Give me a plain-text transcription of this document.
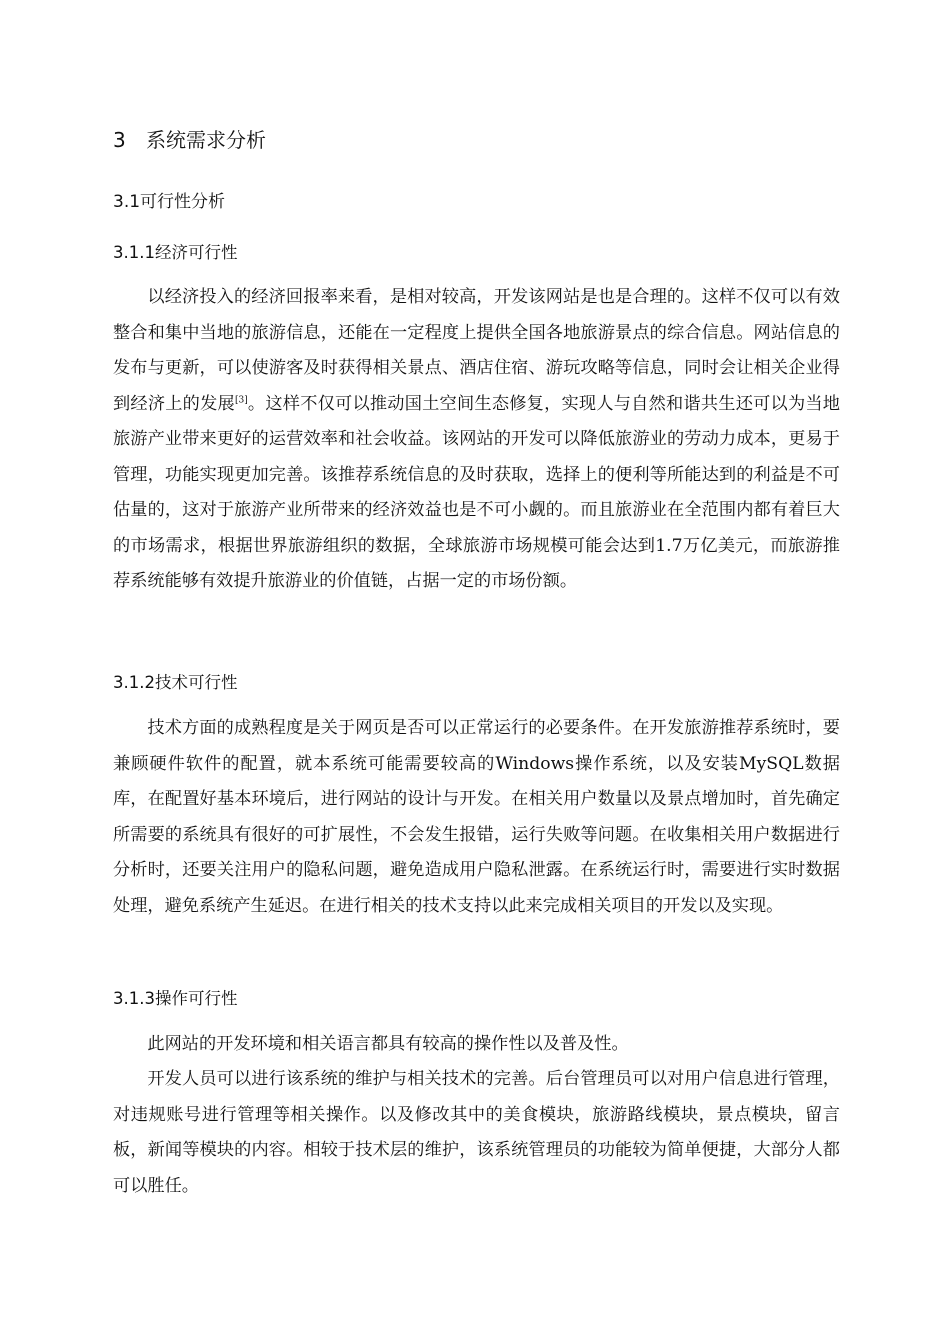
3 系统需求分析
3.1可行性分析
3.1.1经济可行性

以经济投入的经济回报率来看，是相对较高，开发该网站是也是合理的。这样不仅可以有效整合和集中当地的旅游信息，还能在一定程度上提供全国各地旅游景点的综合信息。网站信息的发布与更新，可以使游客及时获得相关景点、酒店住宿、游玩攻略等信息，同时会让相关企业得到经济上的发展[3]。这样不仅可以推动国土空间生态修复，实现人与自然和谐共生还可以为当地旅游产业带来更好的运营效率和社会收益。该网站的开发可以降低旅游业的劳动力成本，更易于管理，功能实现更加完善。该推荐系统信息的及时获取，选择上的便利等所能达到的利益是不可估量的，这对于旅游产业所带来的经济效益也是不可小觑的。而且旅游业在全范围内都有着巨大的市场需求，根据世界旅游组织的数据，全球旅游市场规模可能会达到1.7万亿美元，而旅游推荐系统能够有效提升旅游业的价值链，占据一定的市场份额。

3.1.2技术可行性

技术方面的成熟程度是关于网页是否可以正常运行的必要条件。在开发旅游推荐系统时，要兼顾硬件软件的配置，就本系统可能需要较高的Windows操作系统，以及安装MySQL数据库，在配置好基本环境后，进行网站的设计与开发。在相关用户数量以及景点增加时，首先确定所需要的系统具有很好的可扩展性，不会发生报错，运行失败等问题。在收集相关用户数据进行分析时，还要关注用户的隐私问题，避免造成用户隐私泄露。在系统运行时，需要进行实时数据处理，避免系统产生延迟。在进行相关的技术支持以此来完成相关项目的开发以及实现。

3.1.3操作可行性

此网站的开发环境和相关语言都具有较高的操作性以及普及性。

开发人员可以进行该系统的维护与相关技术的完善。后台管理员可以对用户信息进行管理，对违规账号进行管理等相关操作。以及修改其中的美食模块，旅游路线模块，景点模块，留言板，新闻等模块的内容。相较于技术层的维护，该系统管理员的功能较为简单便捷，大部分人都可以胜任。
